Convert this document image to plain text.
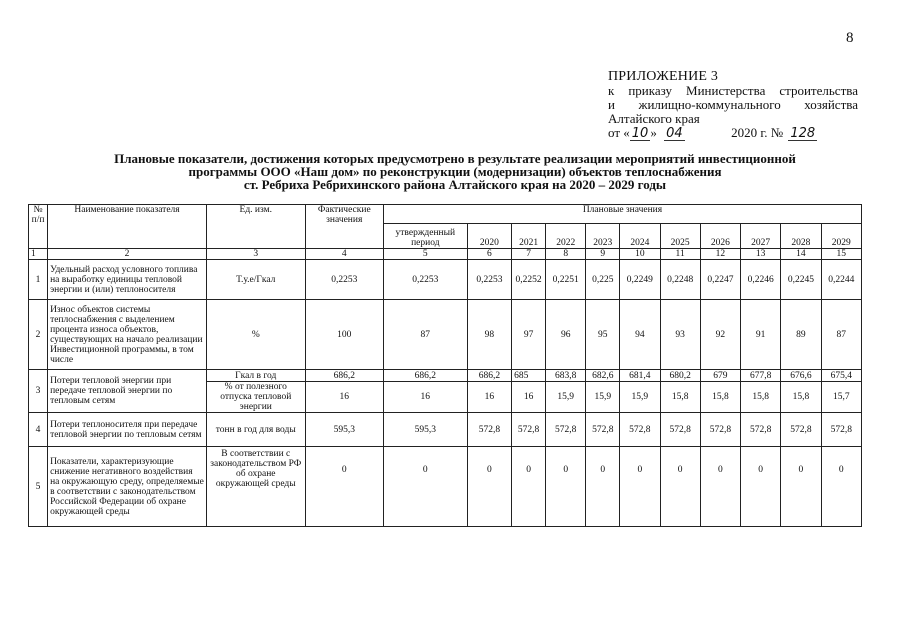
8
ПРИЛОЖЕНИЕ 3
к приказу Министерства строительства
и жилищно-коммунального хозяйства
Алтайского края
от « 10 » 04	2020 г. № 128
Плановые показатели, достижения которых предусмотрено в результате реализации мероприятий инвестиционной
программы ООО «Наш дом» по реконструкции (модернизации) объектов теплоснабжения
ст. Ребриха Ребрихинского района Алтайского края на 2020 – 2029 годы
№ п/п	Наименование показателя	Ед. изм.	Фактические значения	Плановые значения										
				утвержденный период	2020	2021	2022	2023	2024	2025	2026	2027	2028	2029
1	2	3	4	5	6	7	8	9	10	11	12	13	14	15
1	Удельный расход условного топлива на выработку единицы тепловой энергии и (или) теплоносителя	Т.у.е/Гкал	0,2253	0,2253	0,2253	0,2252	0,2251	0,225	0,2249	0,2248	0,2247	0,2246	0,2245	0,2244
2	Износ объектов системы теплоснабжения с выделением процента износа объектов, существующих на начало реализации Инвестиционной программы, в том числе	%	100	87	98	97	96	95	94	93	92	91	89	87
3	Потери тепловой энергии при передаче тепловой энергии по тепловым сетям	Гкал в год	686,2	686,2	686,2	685	683,8	682,6	681,4	680,2	679	677,8	676,6	675,4
		% от полезного отпуска тепловой энергии	16	16	16	16	15,9	15,9	15,9	15,8	15,8	15,8	15,8	15,7
4	Потери теплоносителя при передаче тепловой энергии по тепловым сетям	тонн в год для воды	595,3	595,3	572,8	572,8	572,8	572,8	572,8	572,8	572,8	572,8	572,8	572,8
5	Показатели, характеризующие снижение негативного воздействия на окружающую среду, определяемые в соответствии с законодательством Российской Федерации об охране окружающей среды	В соответствии с законодательством РФ об охране окружающей среды	0	0	0	0	0	0	0	0	0	0	0	0
